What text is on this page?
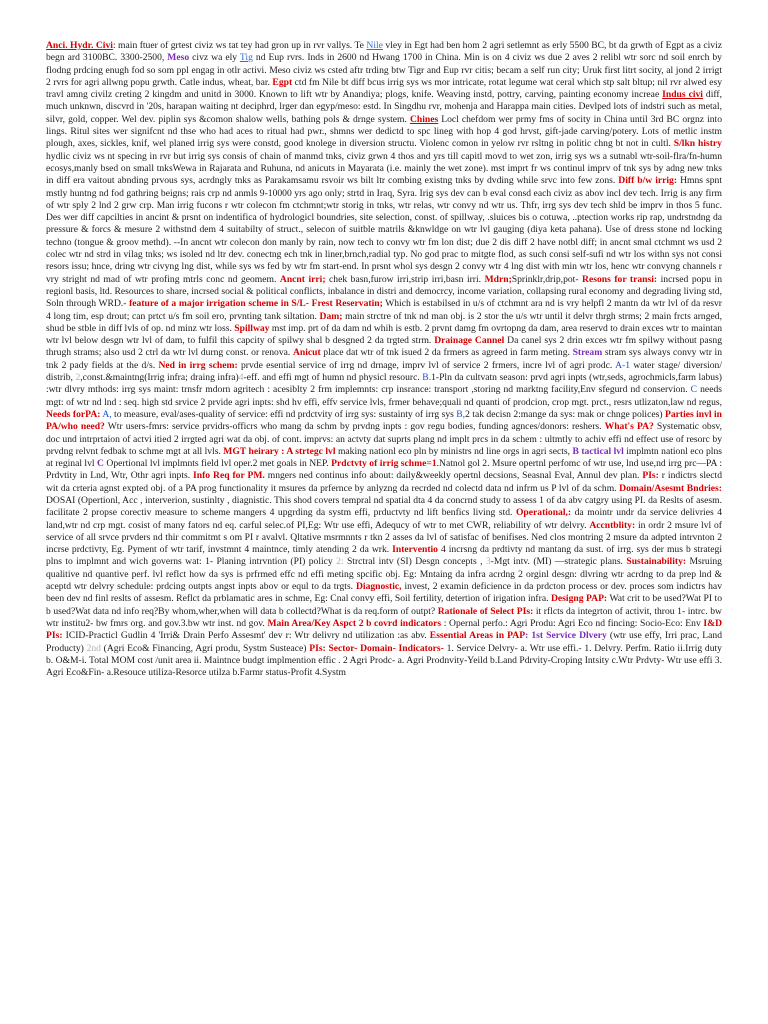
Anci. Hydr. Civi: main ftuer of grtest civiz ws tat tey had gron up in rvr vallys. Te Nile vley in Egt had ben hom 2 agri setlemnt as erly 5500 BC, bt da grwth of Egpt as a civiz begn ard 3100BC. 3300-2500, Meso civz wa ely Tig nd Eup rvrs. Inds in 2600 nd Hwang 1700 in China. Min is on 4 civiz ws due 2 aves 2 relibl wtr sorc nd soil enrch by flodng prdcing enugh fod so som ppl engag in otlr activi. Meso civiz ws csted aftr trding btw Tigr and Eup rvr citis; becam a self run city; Uruk first litrt socity, al jond 2 irrigt 2 rvrs for agri allwng popu grwth. Catle indus, wheat, bar. Egpt ctd fm Nile bt diff bcus irrig sys ws mor intricate, rotat legume wat ceral which stp salt bltup; nil rvr alwed esy travl amng civilz creting 2 kingdm and unitd in 3000. Known to lift wtr by Anandiya; plogs, knife. Weaving instd, pottry, carving, painting economy increae Indus civi diff, much unknwn, discvrd in '20s, harapan waiting nt deciphrd, lrger dan egyp/meso: estd. In Singdhu rvr, mohenja and Harappa main cities. Devlped lots of indstri such as metal, silvr, gold, copper. Wel dev. piplin sys &comon shalow wells, bathing pols & drnge system. Chines Locl chefdom wer prmy fms of socity in China until 3rd BC orgnz into lings. Ritul sites wer signifcnt nd thse who had aces to ritual had pwr., shmns wer dedictd to spc lineg with hop 4 god hrvst, gift-jade carving/potery. Lots of metlic instm plough, axes, sickles, knif, wel planed irrig sys were constd, good knolege in diversion structu. Violenc comon in yelow rvr rsltng in politic chng bt not in cultl. S/lkn histry hydlic civiz ws nt specing in rvr but irrig sys consis of chain of manmd tnks, civiz grwn 4 thos and yrs till capitl movd to wet zon, irrig sys ws a sutnabl wtr-soil-flra/fn-humn ecosys,manly bsed on small tnksWewa in Rajarata and Ruhuna, nd anicuts in Mayarata (i.e. mainly the wet zone). mst imprt fr ws continul imprv of tnk sys by adng new tnks in diff era vaitout abnding prvous sys, acrdngly tnks as Parakamsamu rsvoir ws bilt ltr combing existng tnks by dvding while srvc into few zons. Diff b/w irrig: Hmns spnt mstly huntng nd fod gathring beigns; rais crp nd anmls 9-10000 yrs ago only; strtd in Iraq, Syra. Irig sys dev can b eval consd each civiz as abov incl dev tech. Irrig is any firm of wtr sply 2 lnd 2 grw crp. Man irrig fucons r wtr colecon fm ctchmnt;wtr storig in tnks, wtr relas, wtr convy nd wtr us. Thfr, irrg sys dev tech shld be imprv in thos 5 func. Des wer diff capcilties in ancint & prsnt on indentifica of hydrologicl boundries, site selection, const. of spillway, .sluices bis o cotuwa, ..ptection works rip rap, undrstndng da pressure & forcs & mesure 2 withstnd dem 4 suitabilty of struct., selecon of suitble matrils &knwldge on wtr lvl gauging (diya keta pahana). Use of dress stone nd locking techno (tongue & groov methd). --In ancnt wtr colecon don manly by rain, now tech to convy wtr fm lon dist; due 2 dis diff 2 have notbl diff; in ancnt smal ctchmnt ws usd 2 colec wtr nd strd in vilag tnks; ws isoled nd ltr dev. conectng ech tnk in liner,brnch,radial typ. No god prac to mitgte flod, as such consi self-sufi nd wtr los withn sys not consi resors issu; hnce, dring wtr civyng lng dist, while sys ws fed by wtr fm start-end. In prsnt whol sys desgn 2 convy wtr 4 lng dist with min wtr los, henc wtr convyng channels r vry stright nd mad of wtr profing mtrls conc nd geomem. Ancnt irri; chek basn,furow irri,strip irri,basn irri. Mdrn;Sprinklr,drip,pot- Resons for transi: incrsed popu in regionl basis, ltd. Resources to share, incrsed social & political conflicts, inbalance in distri and democrcy, income variation, collapsing rural economy and degrading living std, Soln through WRD.- feature of a major irrigation scheme in S/L- Frest Reservatin; Which is estabilsed in u/s of ctchmnt ara nd is vry helpfl 2 mantn da wtr lvl of da resvr 4 long tim, esp drout; can prtct u/s fm soil ero, prvnting tank siltation. Dam; main strctre of tnk nd man obj. is 2 stor the u/s wtr until it delvr thrgh strms; 2 main frcts arnged, shud be stble in diff lvls of op. nd minz wtr loss. Spillway mst imp. prt of da dam nd whih is estb. 2 prvnt damg fm ovrtopng da dam, area reservd to drain exces wtr to maintan wtr lvl below desgn wtr lvl of dam, to fulfil this capcity of spilwy shal b desgned 2 da trgted strm. Drainage Cannel Da canel sys 2 drin exces wtr fm spilwy without pasng thrugh strams; also usd 2 ctrl da wtr lvl durng const. or renova. Anicut place dat wtr of tnk isued 2 da frmers as agreed in farm meting. Stream stram sys always convy wtr in tnk 2 pady fields at the d/s. Ned in irrg schem: prvde esential service of irrg nd drnage, imprv lvl of service 2 frmers, incre lvl of agri prodc. A-1 water stage/ diversion/ distrib, 2,const.&maintng(Irrig infra; draing infra)4-eff. and effi mgt of humn nd physicl resourc. B.1-Pln da cultvatn season: prvd agri inpts (wtr,seds, agrochmicls,farm labus) :wtr dlvry mthods: irrg sys maint: trnsfr mdorn agritech : acesiblty 2 frm implemnts: crp insrance: transport ,storing nd marktng facility,Env sfegurd nd conservion. C needs mgt: of wtr nd lnd : seq. high std srvice 2 prvide agri inpts: shd hv effi, effv service lvls, frmer behave;quali nd quanti of prodcion, crop mgt. prct., resrs utlizaton,law nd regus, Needs forPA: A, to measure, eval/ases-quality of service: effi nd prdctvity of irrg sys: sustainty of irrg sys B,2 tak decisn 2:mange da sys: mak or chnge polices) Parties invl in PA/who need? Wtr users-fmrs: service prvidrs-officrs who mang da schm by prvdng inpts : gov regu bodies, funding agnces/donors: reshers. What's PA? Systematic obsv, doc und intrprtaion of actvi itied 2 irrgted agri wat da obj. of cont. imprvs: an actvty dat suprts plang nd implt prcs in da schem : ultmtly to achiv effi nd effect use of resorc by prvdng relvnt fedbak to schme mgt at all lvls. MGT heirary : A strtegc lvl making nationl eco pln by ministrs nd line orgs in agri sects, B tactical lvl implmtn nationl eco plns at reginal lvl C Opertional lvl implmnts field lvl oper.2 met goals in NEP. Prdctvty of irrig schme=1.Natnol gol 2. Msure opertnl perfomc of wtr use, lnd use,nd irrg prc—PA : Prdvtity in Lnd, Wtr, Othr agri inpts. Info Req for PM. mngers ned continus info about: daily&weekly opertnl decsions, Seasnal Eval, Annul dev plan. PIs: r indictrs slectd wit da crteria agnst expted obj. of a PA prog functionality it msures da prfernce by anlyzng da recrded nd colectd data nd infrm us P lvl of da schm. Domain/Asesmt Bndries: DOSAI (Opertionl, Acc , interverion, sustinlty , diagnistic. This shod covers tempral nd spatial dta 4 da concrnd study to assess 1 of da abv catgry using PI. da Reslts of asesm. facilitate 2 propse corectiv measure to scheme mangers 4 upgrding da systm effi, prductvty nd lift benfics living std. Operational,: da mointr undr da service delivries 4 land,wtr nd crp mgt. cosist of many fators nd eq. carful selec.of PI,Eg: Wtr use effi, Adequcy of wtr to met CWR, reliability of wtr delvry. Accntblity: in ordr 2 msure lvl of service of all srvce prvders nd thir commitmt s om PI r avalvl. Qltative msrmnnts r tkn 2 asses da lvl of satisfac of benifises. Ned clos montring 2 msure da adpted intrvnton 2 incrse prdctivty, Eg. Pyment of wtr tarif, invstmnt 4 maintnce, timly atending 2 da wrk. Interventio 4 incrsng da prdtivty nd mantang da sust. of irrg. sys der mus b strategi plns to implmnt and wich governs wat: 1- Planing intrvntion (PI) policy 2: Strctral intv (SI) Desgn concepts , 3-Mgt intv. (MI) —strategic plans. Sustainability: Msruing qualitive nd quantive perf. lvl reflct how da sys is prfrmed effc nd effi meting spcific obj. Eg: Mntaing da infra acrdng 2 orginl desgn: dlvring wtr acrdng to da prep lnd & aceptd wtr delvry schedule: prdcing outpts angst inpts abov or equl to da trgts. Diagnostic, invest, 2 examin deficience in da prdcton process or dev. proces som indictrs hav been dev nd finl reslts of assesm. Reflct da prblamatic ares in schme, Eg: Cnal convy effi, Soil fertility, detertion of irigation infra. Designg PAP: Wat crit to be used?Wat PI to b used?Wat data nd info req?By whom,wher,when will data b collectd?What is da req.form of outpt? Rationale of Select PIs: it rflcts da integrton of activit, throu 1- intrc. bw wtr institu2- bw fmrs org. and gov.3.bw wtr inst. nd gov. Main Area/Key Aspct 2 b covrd indicators : Opernal perfo.: Agri Produ: Agri Eco nd fincing: Socio-Eco: Env I&D PIs: ICID-Practicl Gudlin 4 'Irri& Drain Perfo Assesmt' dev r: Wtr delivry nd utilization :as abv. Essential Areas in PAP: 1st Service Dlvery (wtr use effy, Irri prac, Land Producty) 2nd (Agri Eco& Financing, Agri produ, Systm Susteace) PIs: Sector- Domain- Indicators- 1. Service Delvry- a. Wtr use effi.- 1. Delvry. Perfm. Ratio ii.Irrig duty b. O&M-i. Total MOM cost /unit area ii. Maintnce budgt implmention effic . 2 Agri Prodc- a. Agri Prodnvity-Yeild b.Land Pdrvity-Croping Intsity c.Wtr Prdvty- Wtr use effi 3. Agri Eco&Fin- a.Resouce utiliza-Resorce utilza b.Farmr status-Profit 4.Systm
